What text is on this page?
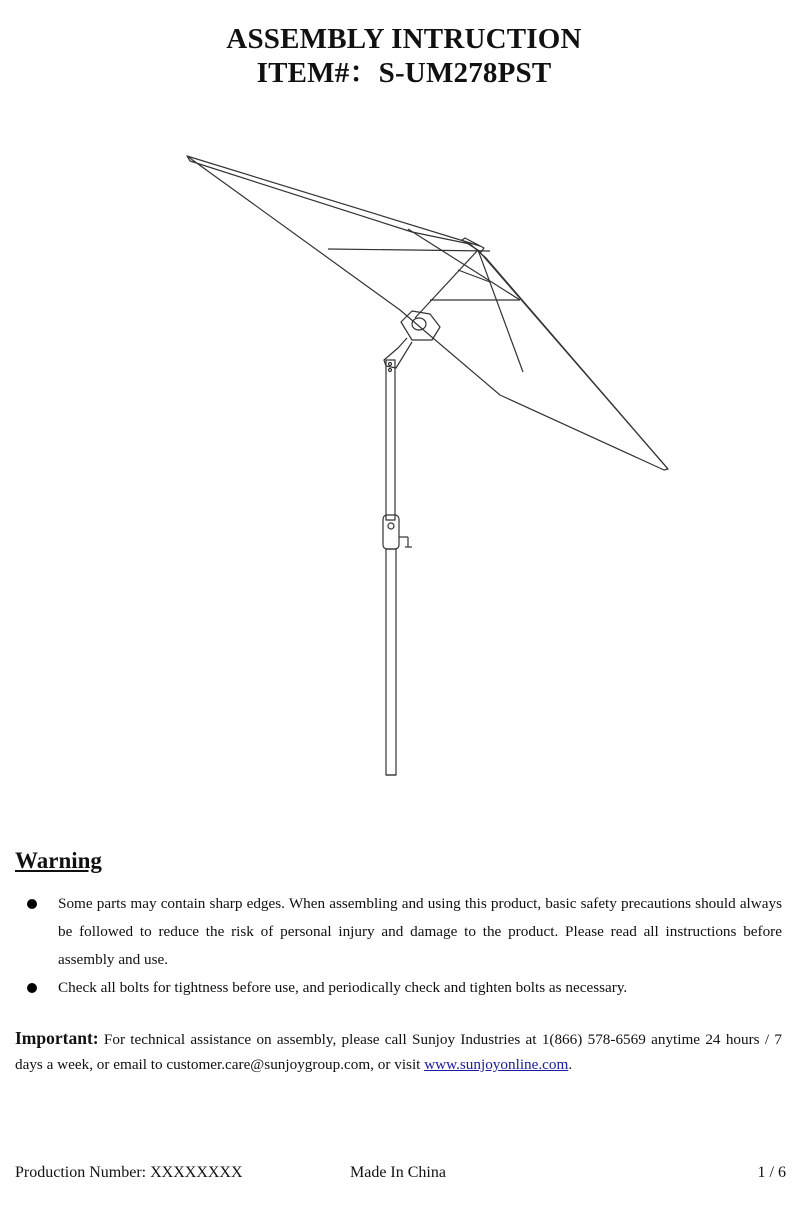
ASSEMBLY INTRUCTION
ITEM#：S-UM278PST
Warning
Some parts may contain sharp edges. When assembling and using this product, basic safety precautions should always be followed to reduce the risk of personal injury and damage to the product. Please read all instructions before assembly and use.
Check all bolts for tightness before use, and periodically check and tighten bolts as necessary.
Important: For technical assistance on assembly, please call Sunjoy Industries at 1(866) 578-6569 anytime 24 hours / 7 days a week, or email to customer.care@sunjoygroup.com, or visit www.sunjoyonline.com.
Production Number: XXXXXXXX	Made In China	1 / 6
